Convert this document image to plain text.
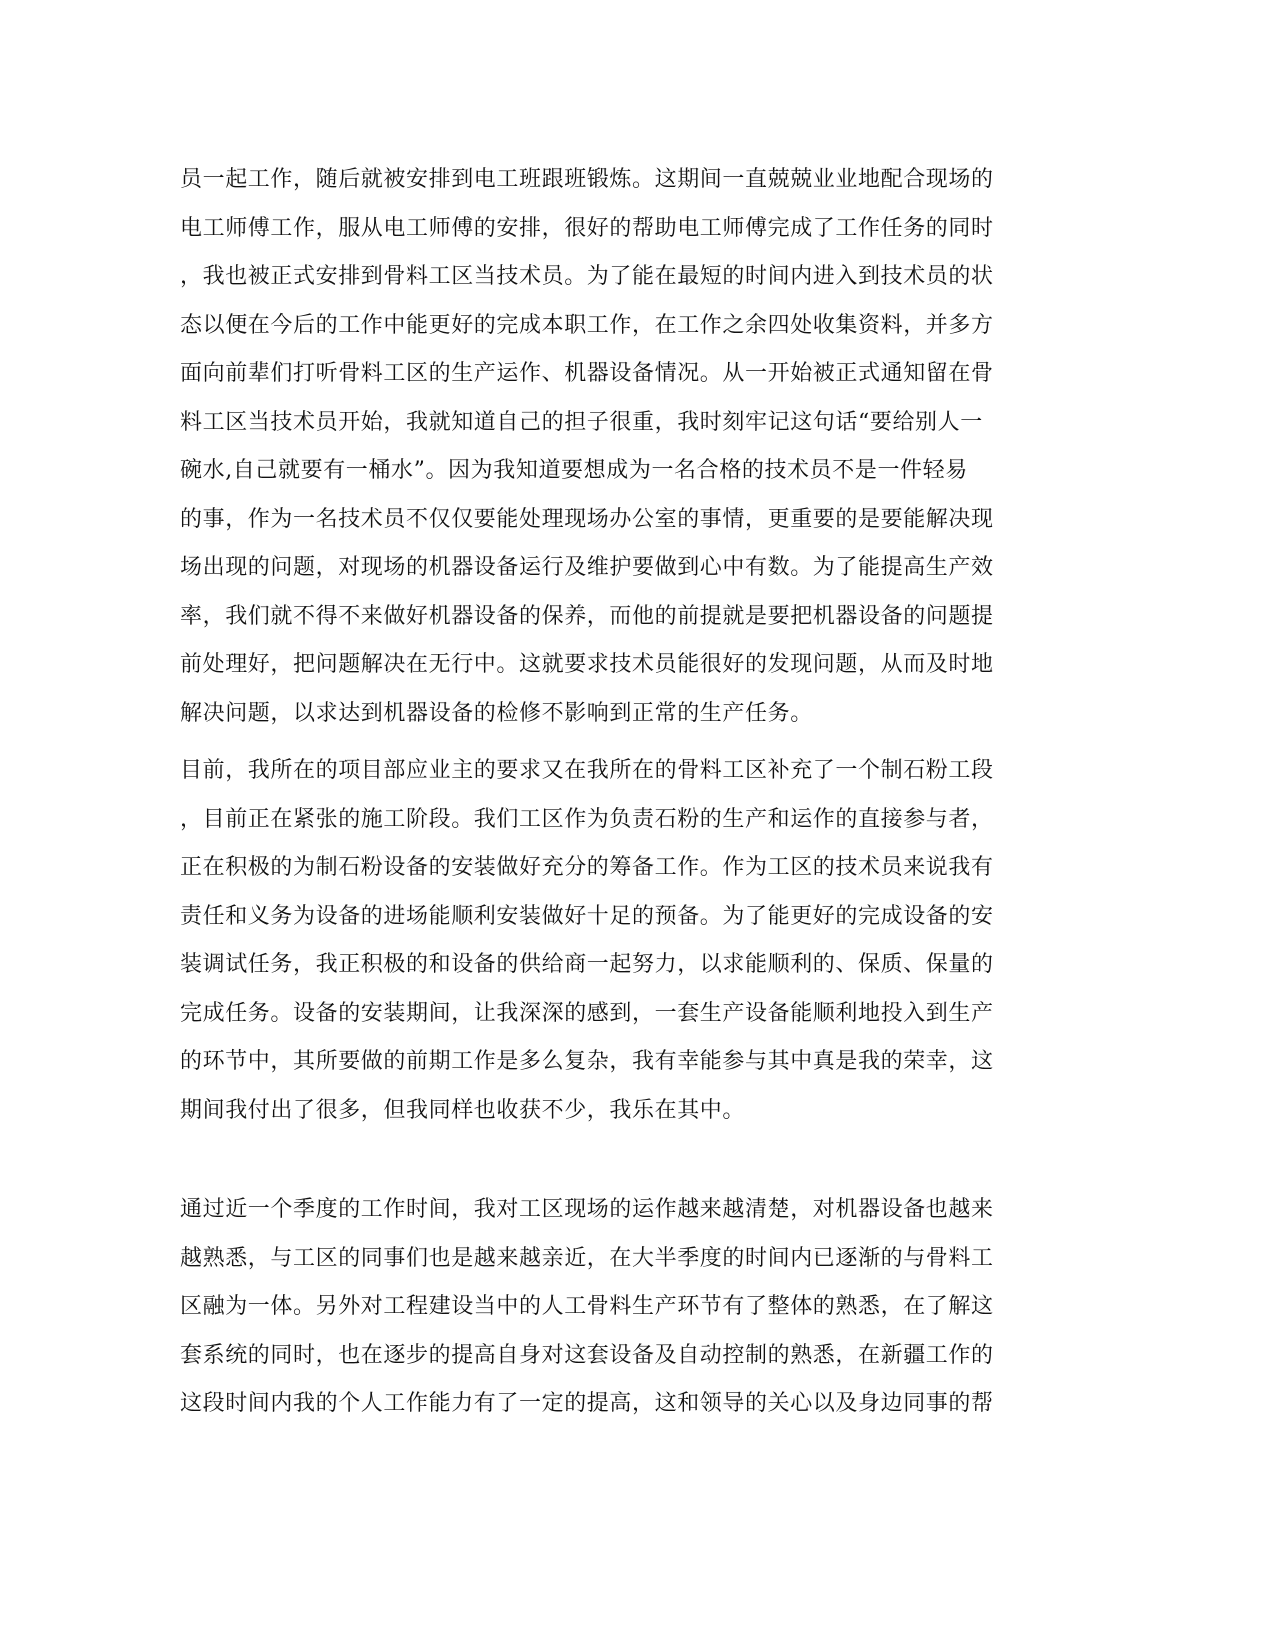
员一起工作，随后就被安排到电工班跟班锻炼。这期间一直兢兢业业地配合现场的
电工师傅工作，服从电工师傅的安排，很好的帮助电工师傅完成了工作任务的同时
，我也被正式安排到骨料工区当技术员。为了能在最短的时间内进入到技术员的状
态以便在今后的工作中能更好的完成本职工作，在工作之余四处收集资料，并多方
面向前辈们打听骨料工区的生产运作、机器设备情况。从一开始被正式通知留在骨
料工区当技术员开始，我就知道自己的担子很重，我时刻牢记这句话“要给别人一
碗水,自己就要有一桶水”。因为我知道要想成为一名合格的技术员不是一件轻易
的事，作为一名技术员不仅仅要能处理现场办公室的事情，更重要的是要能解决现
场出现的问题，对现场的机器设备运行及维护要做到心中有数。为了能提高生产效
率，我们就不得不来做好机器设备的保养，而他的前提就是要把机器设备的问题提
前处理好，把问题解决在无行中。这就要求技术员能很好的发现问题，从而及时地
解决问题，以求达到机器设备的检修不影响到正常的生产任务。
目前，我所在的项目部应业主的要求又在我所在的骨料工区补充了一个制石粉工段
，目前正在紧张的施工阶段。我们工区作为负责石粉的生产和运作的直接参与者，
正在积极的为制石粉设备的安装做好充分的筹备工作。作为工区的技术员来说我有
责任和义务为设备的进场能顺利安装做好十足的预备。为了能更好的完成设备的安
装调试任务，我正积极的和设备的供给商一起努力，以求能顺利的、保质、保量的
完成任务。设备的安装期间，让我深深的感到，一套生产设备能顺利地投入到生产
的环节中，其所要做的前期工作是多么复杂，我有幸能参与其中真是我的荣幸，这
期间我付出了很多，但我同样也收获不少，我乐在其中。
通过近一个季度的工作时间，我对工区现场的运作越来越清楚，对机器设备也越来
越熟悉，与工区的同事们也是越来越亲近，在大半季度的时间内已逐渐的与骨料工
区融为一体。另外对工程建设当中的人工骨料生产环节有了整体的熟悉，在了解这
套系统的同时，也在逐步的提高自身对这套设备及自动控制的熟悉，在新疆工作的
这段时间内我的个人工作能力有了一定的提高，这和领导的关心以及身边同事的帮
